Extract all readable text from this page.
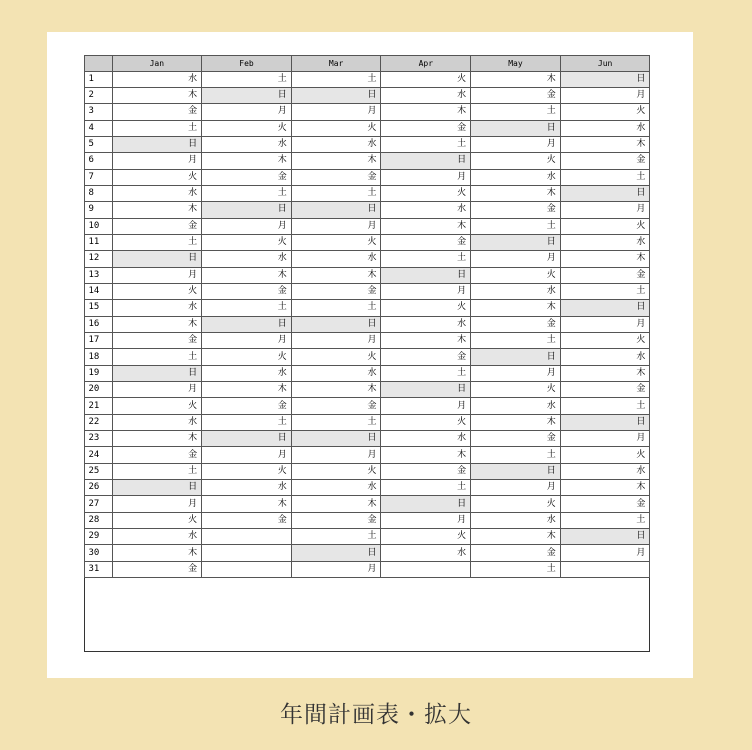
	Jan	Feb	Mar	Apr	May	Jun
1	水	土	土	火	木	日
2	木	日	日	水	金	月
3	金	月	月	木	土	火
4	土	火	火	金	日	水
5	日	水	水	土	月	木
6	月	木	木	日	火	金
7	火	金	金	月	水	土
8	水	土	土	火	木	日
9	木	日	日	水	金	月
10	金	月	月	木	土	火
11	土	火	火	金	日	水
12	日	水	水	土	月	木
13	月	木	木	日	火	金
14	火	金	金	月	水	土
15	水	土	土	火	木	日
16	木	日	日	水	金	月
17	金	月	月	木	土	火
18	土	火	火	金	日	水
19	日	水	水	土	月	木
20	月	木	木	日	火	金
21	火	金	金	月	水	土
22	水	土	土	火	木	日
23	木	日	日	水	金	月
24	金	月	月	木	土	火
25	土	火	火	金	日	水
26	日	水	水	土	月	木
27	月	木	木	日	火	金
28	火	金	金	月	水	土
29	水		土	火	木	日
30	木		日	水	金	月
31	金		月		土	
年間計画表・拡大
